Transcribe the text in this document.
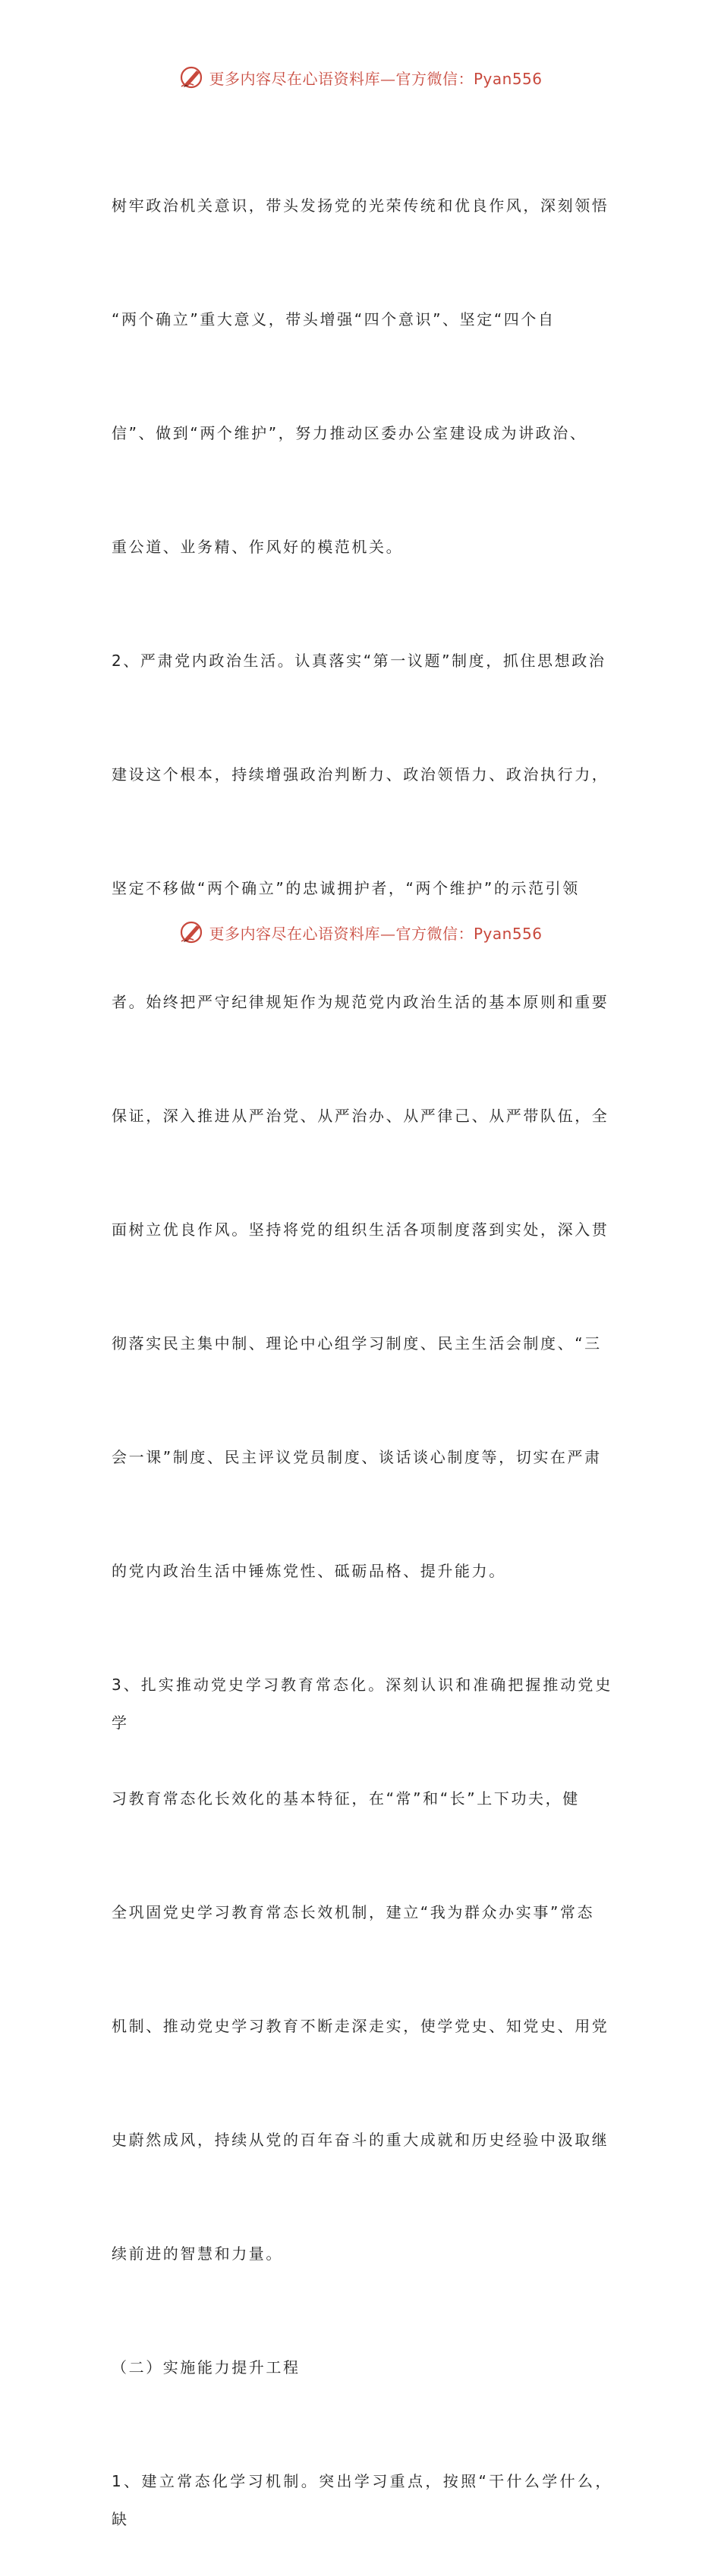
更多内容尽在心语资料库—官方微信：Pyan556

树牢政治机关意识，带头发扬党的光荣传统和优良作风，深刻领悟

“两个确立”重大意义，带头增强“四个意识”、坚定“四个自

信”、做到“两个维护”，努力推动区委办公室建设成为讲政治、

重公道、业务精、作风好的模范机关。

2、严肃党内政治生活。认真落实“第一议题”制度，抓住思想政治

建设这个根本，持续增强政治判断力、政治领悟力、政治执行力，

坚定不移做“两个确立”的忠诚拥护者，“两个维护”的示范引领

者。始终把严守纪律规矩作为规范党内政治生活的基本原则和重要

保证，深入推进从严治党、从严治办、从严律己、从严带队伍，全

面树立优良作风。坚持将党的组织生活各项制度落到实处，深入贯

彻落实民主集中制、理论中心组学习制度、民主生活会制度、“三

会一课”制度、民主评议党员制度、谈话谈心制度等，切实在严肃

的党内政治生活中锤炼党性、砥砺品格、提升能力。

3、扎实推动党史学习教育常态化。深刻认识和准确把握推动党史学

习教育常态化长效化的基本特征，在“常”和“长”上下功夫，健

全巩固党史学习教育常态长效机制，建立“我为群众办实事”常态

机制、推动党史学习教育不断走深走实，使学党史、知党史、用党

史蔚然成风，持续从党的百年奋斗的重大成就和历史经验中汲取继

续前进的智慧和力量。

（二）实施能力提升工程

1、建立常态化学习机制。突出学习重点，按照“干什么学什么，缺

更多内容尽在心语资料库—官方微信：Pyan556
